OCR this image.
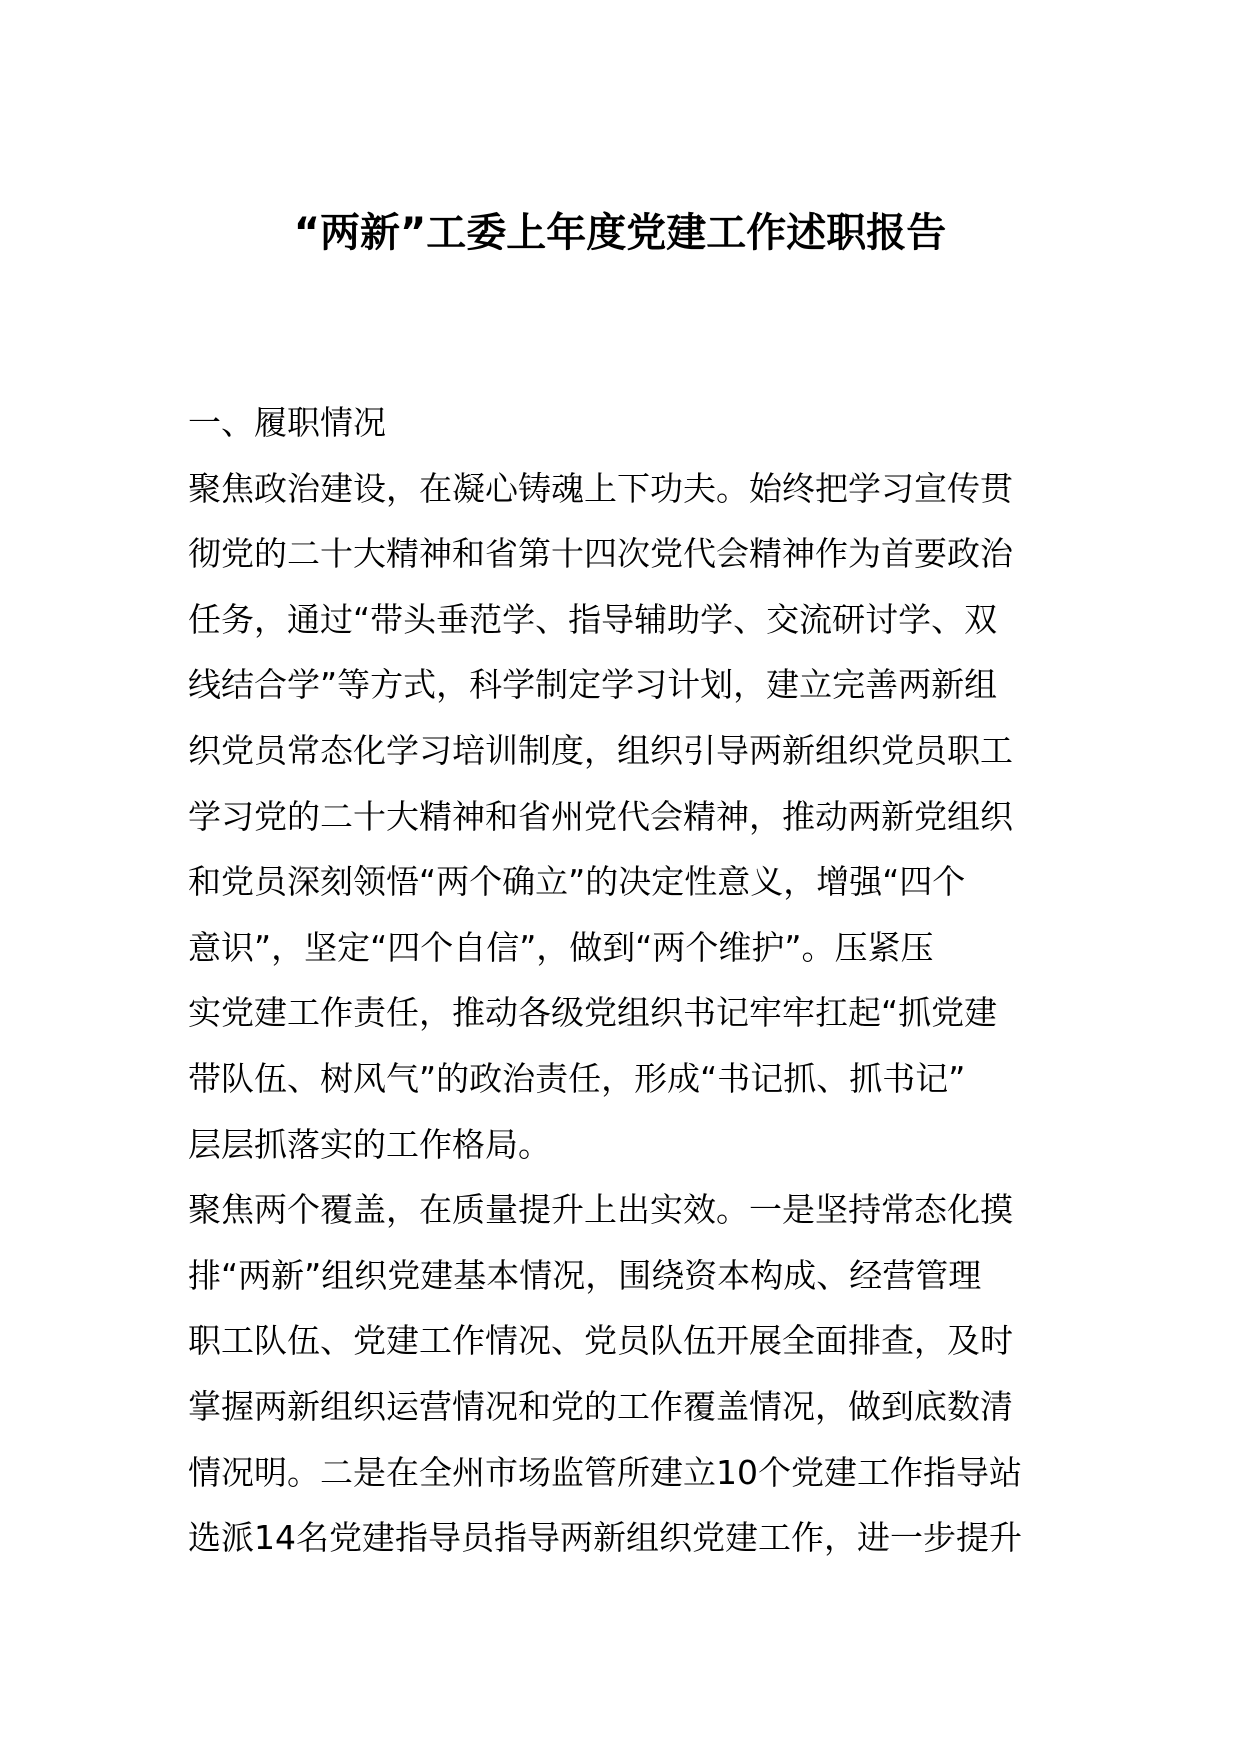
“两新”工委上年度党建工作述职报告
一、履职情况
聚焦政治建设，在凝心铸魂上下功夫。始终把学习宣传贯
彻党的二十大精神和省第十四次党代会精神作为首要政治
任务，通过“带头垂范学、指导辅助学、交流研讨学、双
线结合学”等方式，科学制定学习计划，建立完善两新组
织党员常态化学习培训制度，组织引导两新组织党员职工
学习党的二十大精神和省州党代会精神，推动两新党组织
和党员深刻领悟“两个确立”的决定性意义，增强“四个
意识”，坚定“四个自信”，做到“两个维护”。压紧压
实党建工作责任，推动各级党组织书记牢牢扛起“抓党建
带队伍、树风气”的政治责任，形成“书记抓、抓书记”
层层抓落实的工作格局。
聚焦两个覆盖，在质量提升上出实效。一是坚持常态化摸
排“两新”组织党建基本情况，围绕资本构成、经营管理
职工队伍、党建工作情况、党员队伍开展全面排查，及时
掌握两新组织运营情况和党的工作覆盖情况，做到底数清
情况明。二是在全州市场监管所建立10个党建工作指导站
选派14名党建指导员指导两新组织党建工作，进一步提升
